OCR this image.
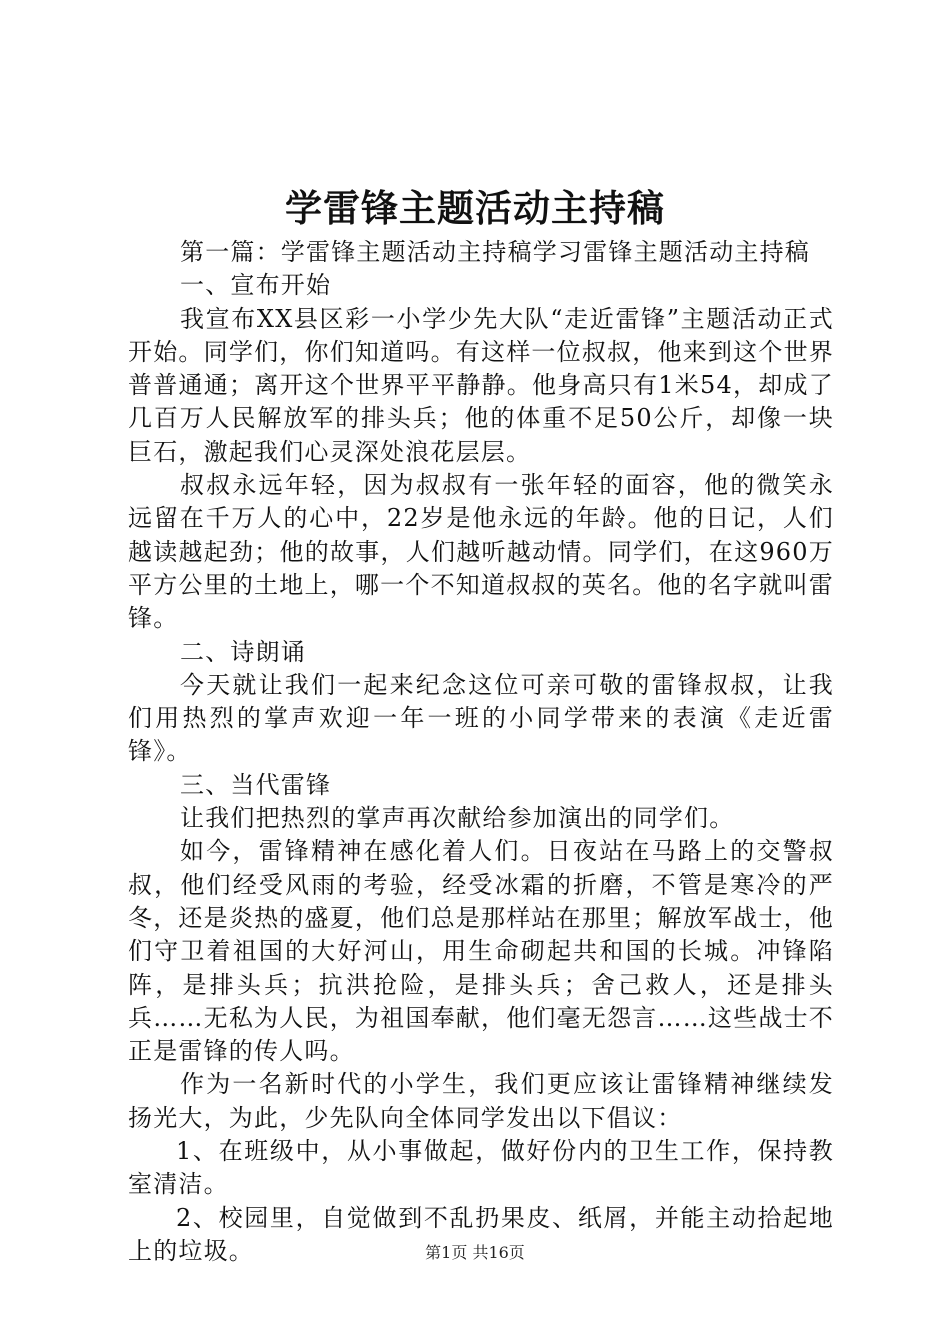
学雷锋主题活动主持稿

第一篇：学雷锋主题活动主持稿学习雷锋主题活动主持稿

一、宣布开始

我宣布XX县区彩一小学少先大队“走近雷锋”主题活动正式开始。同学们，你们知道吗。有这样一位叔叔，他来到这个世界普普通通；离开这个世界平平静静。他身高只有1米54，却成了几百万人民解放军的排头兵；他的体重不足50公斤，却像一块巨石，激起我们心灵深处浪花层层。

叔叔永远年轻，因为叔叔有一张年轻的面容，他的微笑永远留在千万人的心中，22岁是他永远的年龄。他的日记，人们越读越起劲；他的故事，人们越听越动情。同学们，在这960万平方公里的土地上，哪一个不知道叔叔的英名。他的名字就叫雷锋。

二、诗朗诵

今天就让我们一起来纪念这位可亲可敬的雷锋叔叔，让我们用热烈的掌声欢迎一年一班的小同学带来的表演《走近雷锋》。

三、当代雷锋

让我们把热烈的掌声再次献给参加演出的同学们。

如今，雷锋精神在感化着人们。日夜站在马路上的交警叔叔，他们经受风雨的考验，经受冰霜的折磨，不管是寒冷的严冬，还是炎热的盛夏，他们总是那样站在那里；解放军战士，他们守卫着祖国的大好河山，用生命砌起共和国的长城。冲锋陷阵，是排头兵；抗洪抢险，是排头兵；舍己救人，还是排头兵……无私为人民，为祖国奉献，他们毫无怨言……这些战士不正是雷锋的传人吗。

作为一名新时代的小学生，我们更应该让雷锋精神继续发扬光大，为此，少先队向全体同学发出以下倡议：

1、在班级中，从小事做起，做好份内的卫生工作，保持教室清洁。

2、校园里，自觉做到不乱扔果皮、纸屑，并能主动拾起地上的垃圾。	第1页 共16页
